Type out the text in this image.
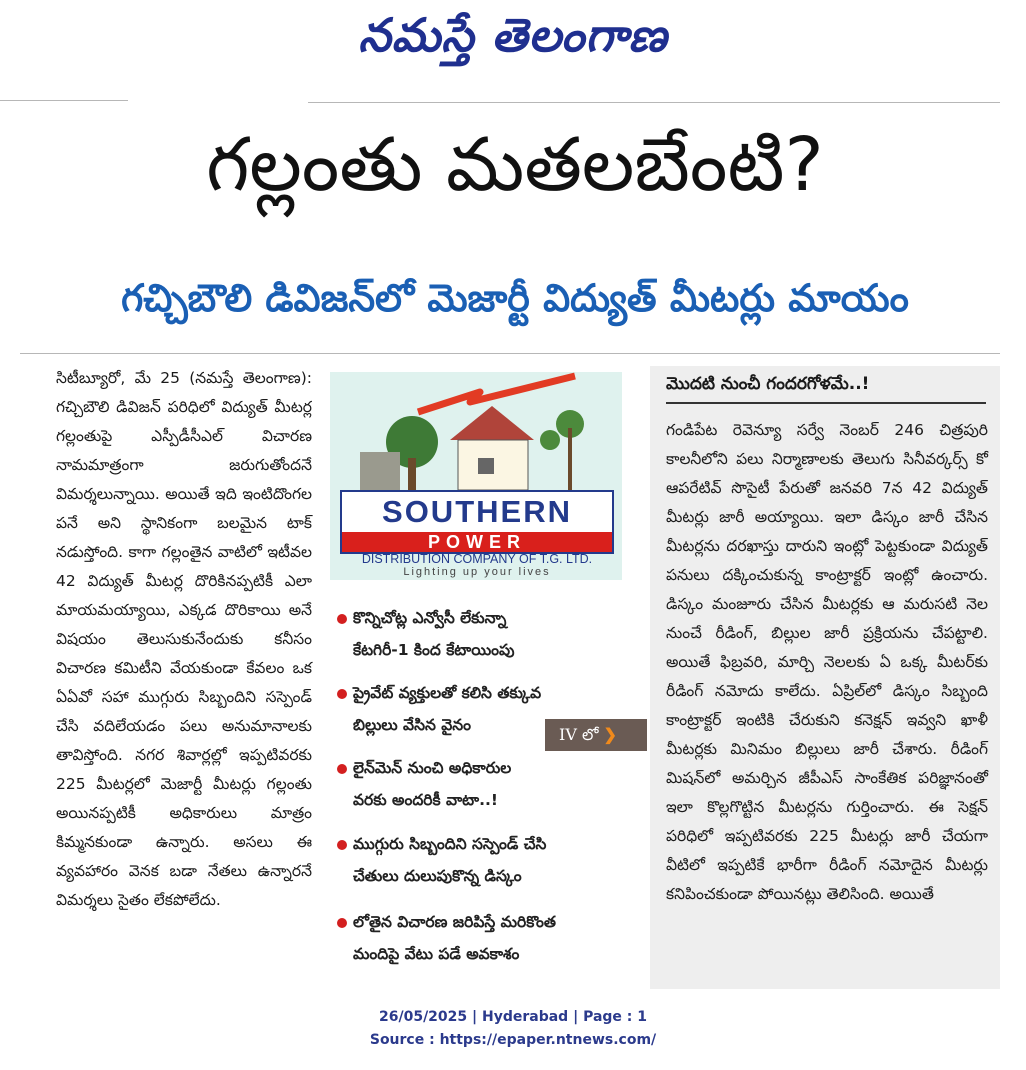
నమస్తే తెలంగాణ
గల్లంతు మతలబేంటి?
గచ్చిబౌలి డివిజన్‌లో మెజార్టీ విద్యుత్ మీటర్లు మాయం
సిటీబ్యూరో, మే 25 (నమస్తే తెలంగాణ): గచ్చిబౌలి డివిజన్ పరిధిలో విద్యుత్ మీటర్ల గల్లంతుపై ఎస్పీడీసీఎల్ విచారణ నామమాత్రంగా జరుగుతోందనే విమర్శలున్నాయి. అయితే ఇది ఇంటిదొంగల పనే అని స్థానికంగా బలమైన టాక్ నడుస్తోంది. కాగా గల్లంతైన వాటిలో ఇటీవల 42 విద్యుత్ మీటర్ల దొరికినప్పటికీ ఎలా మాయమయ్యాయి, ఎక్కడ దొరికాయి అనే విషయం తెలుసుకునేందుకు కనీసం విచారణ కమిటీని వేయకుండా కేవలం ఒక ఏఏవో సహా ముగ్గురు సిబ్బందిని సస్పెండ్ చేసి వదిలేయడం పలు అనుమానాలకు తావిస్తోంది. నగర శివార్లల్లో ఇప్పటివరకు 225 మీటర్లలో మెజార్టీ మీటర్లు గల్లంతు అయినప్పటికీ అధికారులు మాత్రం కిమ్మనకుండా ఉన్నారు. అసలు ఈ వ్యవహారం వెనక బడా నేతలు ఉన్నారనే విమర్శలు సైతం లేకపోలేదు.
SOUTHERN
POWER
DISTRIBUTION COMPANY OF T.G. LTD.
Lighting up your lives
కొన్నిచోట్ల ఎన్వోసీ లేకున్నా
కేటగిరీ-1 కింద కేటాయింపు
ప్రైవేట్ వ్యక్తులతో కలిసి తక్కువ
బిల్లులు వేసిన వైనం
లైన్‌మెన్ నుంచి అధికారుల
వరకు అందరికీ వాటా..!
ముగ్గురు సిబ్బందిని సస్పెండ్ చేసి
చేతులు దులుపుకొన్న డిస్కం
లోతైన విచారణ జరిపిస్తే మరికొంత
మందిపై వేటు పడే అవకాశం
IV లో ❯
మొదటి నుంచీ గందరగోళమే..!
గండిపేట రెవెన్యూ సర్వే నెంబర్ 246 చిత్రపురి కాలనీలోని పలు నిర్మాణాలకు తెలుగు సినీవర్కర్స్ కో ఆపరేటివ్ సొసైటీ పేరుతో జనవరి 7న 42 విద్యుత్ మీటర్లు జారీ అయ్యాయి. ఇలా డిస్కం జారీ చేసిన మీటర్లను దరఖాస్తు దారుని ఇంట్లో పెట్టకుండా విద్యుత్ పనులు దక్కించుకున్న కాంట్రాక్టర్ ఇంట్లో ఉంచారు. డిస్కం మంజూరు చేసిన మీటర్లకు ఆ మరుసటి నెల నుంచే రీడింగ్, బిల్లుల జారీ ప్రక్రియను చేపట్టాలి. అయితే ఫిబ్రవరి, మార్చి నెలలకు ఏ ఒక్క మీటర్‌కు రీడింగ్ నమోదు కాలేదు. ఏప్రిల్‌లో డిస్కం సిబ్బంది కాంట్రాక్టర్ ఇంటికి చేరుకుని కనెక్షన్ ఇవ్వని ఖాళీ మీటర్లకు మినిమం బిల్లులు జారీ చేశారు. రీడింగ్ మిషన్‌లో అమర్చిన జీపీఎస్ సాంకేతిక పరిజ్ఞానంతో ఇలా కొల్లగొట్టిన మీటర్లను గుర్తించారు. ఈ సెక్షన్ పరిధిలో ఇప్పటివరకు 225 మీటర్లు జారీ చేయగా వీటిలో ఇప్పటికే భారీగా రీడింగ్ నమోదైన మీటర్లు కనిపించకుండా పోయినట్లు తెలిసింది. అయితే
26/05/2025 | Hyderabad | Page : 1
Source : https://epaper.ntnews.com/
